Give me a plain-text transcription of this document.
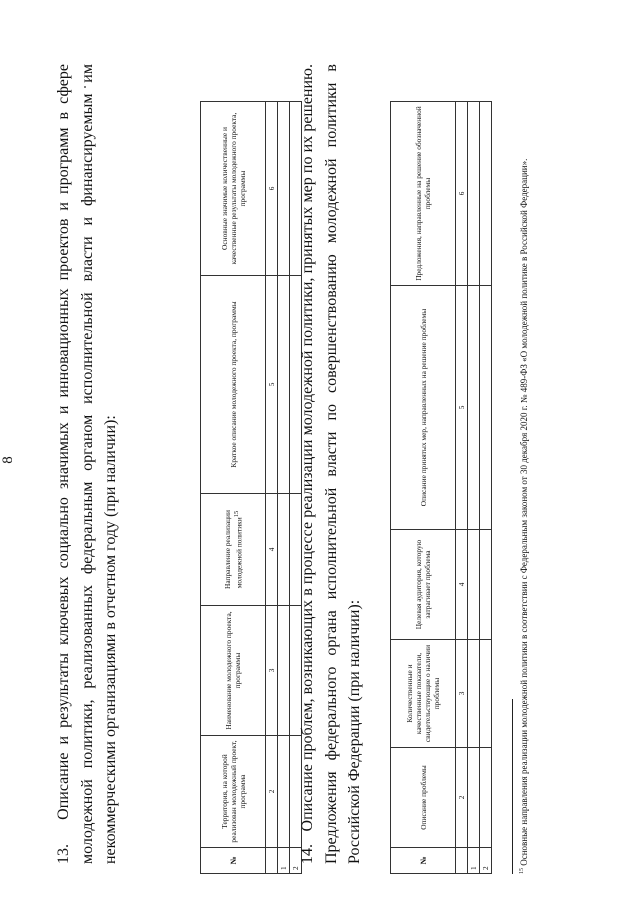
8
13.   Описание и результаты ключевых социально значимых и инновационных проектов и программ в сфере молодежной политики, реализованных федеральным органом исполнительной власти и финансируемым им некоммерческими организациями в отчетном году (при наличии):	№	Территория, на которой реализован молодежный проект, программа	Наименование молодежного проекта, программы	Направление реализации молодежной политики$^{15}$	Краткое описание молодежного проекта, программы	Основные значимые количественные и качественные результаты молодежного проекта, программы
	2	3	4	5	6
1					
2					
14.   Описание проблем, возникающих в процессе реализации молодежной политики, принятых мер по их решению. Предложения федерального органа исполнительной власти по совершенствованию молодежной политики в Российской Федерации (при наличии):	№	Описание проблемы	Количественные и качественные показатели, свидетельствующие о наличии проблемы	Целевая аудитория, которую затрагивает проблема	Описание принятых мер, направленных на решение проблемы	Предложения, направленные на решение обозначенной проблемы
	2	3	4	5	6
1					
2						$^{15}$ Основные направления реализации молодежной политики в соответствии с Федеральным законом от 30 декабря 2020 г. № 489-ФЗ «О молодежной политике в Российской Федерации».
